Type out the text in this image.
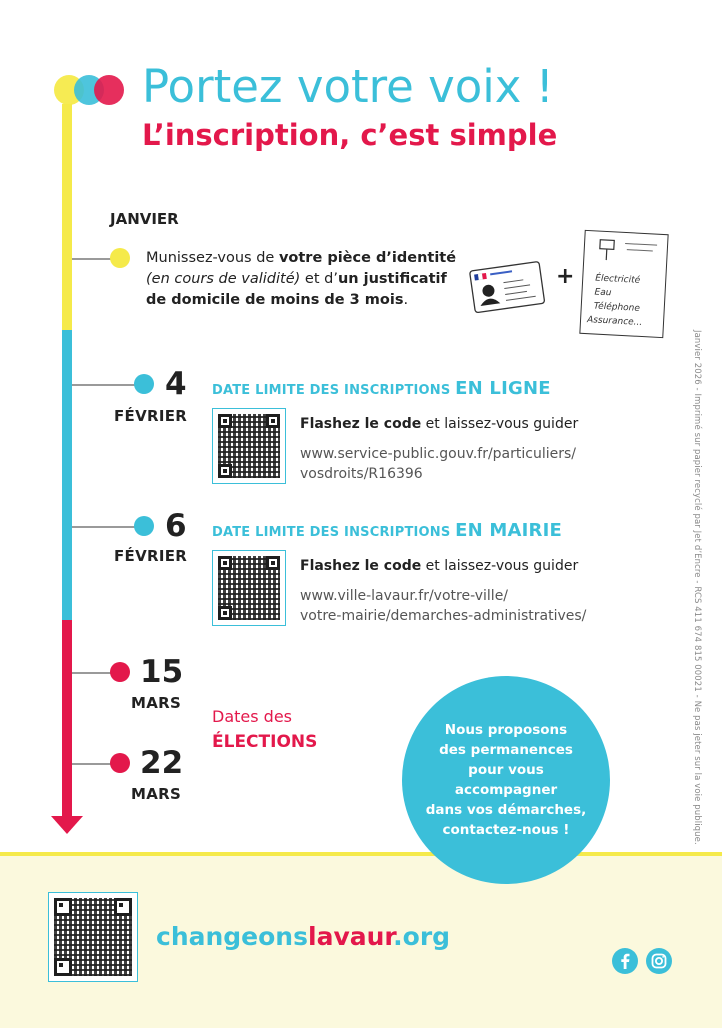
Portez votre voix !
L’inscription, c’est simple
JANVIER
Munissez-vous de votre pièce d’identité
(en cours de validité) et d’un justificatif
de domicile de moins de 3 mois.
+ Électricité
Eau
Téléphone
Assurance...
4
FÉVRIER
DATE LIMITE DES INSCRIPTIONS EN LIGNE
Flashez le code et laissez-vous guider
www.service-public.gouv.fr/particuliers/
vosdroits/R16396
6
FÉVRIER
DATE LIMITE DES INSCRIPTIONS EN MAIRIE
Flashez le code et laissez-vous guider
www.ville-lavaur.fr/votre-ville/
votre-mairie/demarches-administratives/
15
MARS
22
MARS
Dates des
ÉLECTIONS	Janvier 2026 - Imprimé sur papier recyclé par Jet d’Encre - RCS 411 674 815 00021 - Ne pas jeter sur la voie publique.
Nous proposons
des permanences
pour vous
accompagner
dans vos démarches,
contactez-nous !
changeonslavaur.org
